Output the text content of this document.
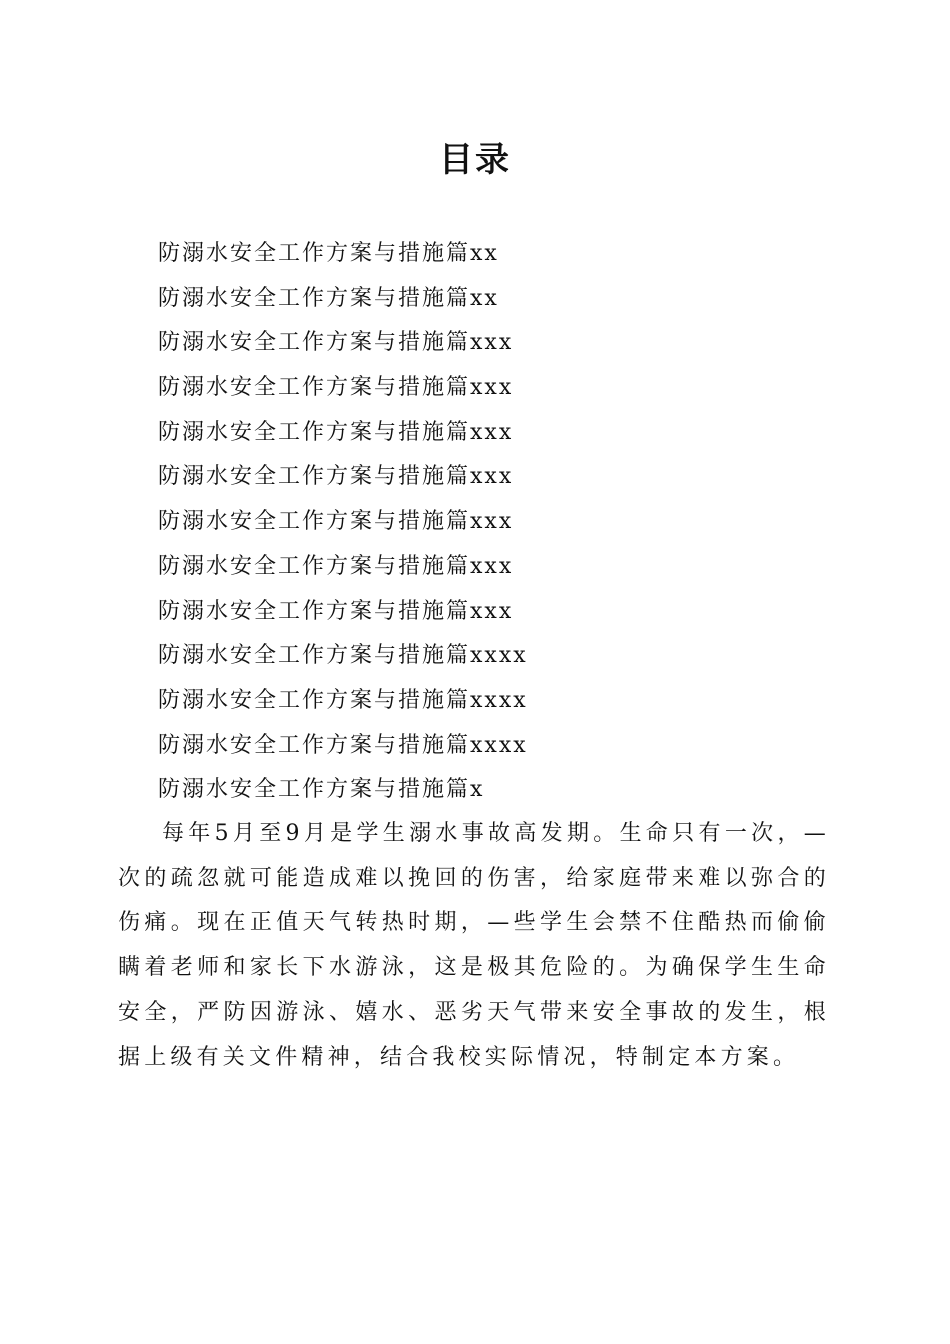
目录
防溺水安全工作方案与措施篇xx
防溺水安全工作方案与措施篇xx
防溺水安全工作方案与措施篇xxx
防溺水安全工作方案与措施篇xxx
防溺水安全工作方案与措施篇xxx
防溺水安全工作方案与措施篇xxx
防溺水安全工作方案与措施篇xxx
防溺水安全工作方案与措施篇xxx
防溺水安全工作方案与措施篇xxx
防溺水安全工作方案与措施篇xxxx
防溺水安全工作方案与措施篇xxxx
防溺水安全工作方案与措施篇xxxx
防溺水安全工作方案与措施篇x

每年5月至9月是学生溺水事故高发期。生命只有一次，—次的疏忽就可能造成难以挽回的伤害，给家庭带来难以弥合的伤痛。现在正值天气转热时期，—些学生会禁不住酷热而偷偷瞒着老师和家长下水游泳，这是极其危险的。为确保学生生命安全，严防因游泳、嬉水、恶劣天气带来安全事故的发生，根据上级有关文件精神，结合我校实际情况，特制定本方案。
